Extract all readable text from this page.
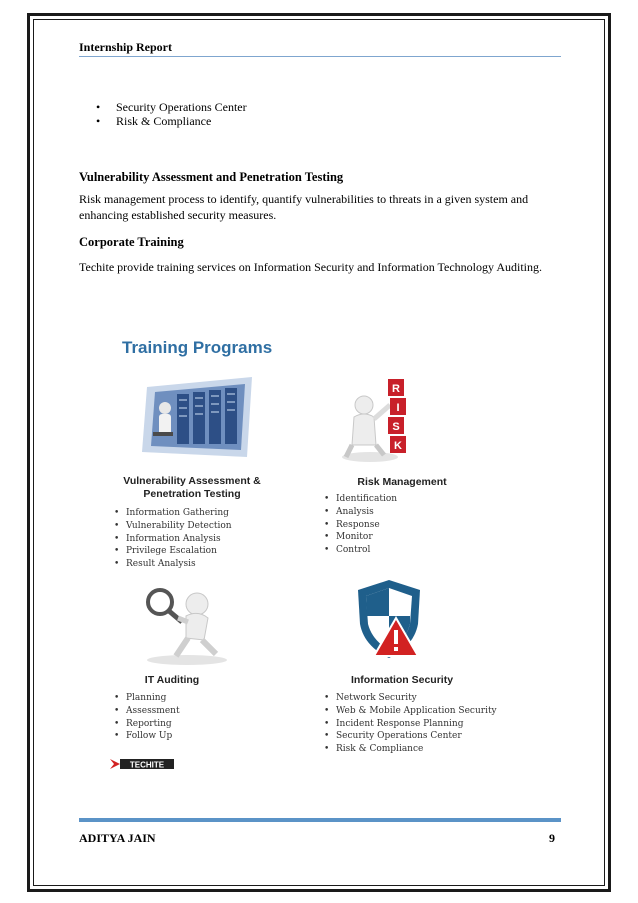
Internship Report
• Security Operations Center
• Risk & Compliance
Vulnerability Assessment and Penetration Testing
Risk management process to identify, quantify vulnerabilities to threats in a given system and enhancing established security measures.
Corporate Training
Techite provide training services on Information Security and Information Technology Auditing.
Training Programs
Vulnerability Assessment &
Penetration Testing
• Information Gathering
• Vulnerability Detection
• Information Analysis
• Privilege Escalation
• Result Analysis
R
I
S
K
Risk Management
• Identification
• Analysis
• Response
• Monitor
• Control
IT Auditing
• Planning
• Assessment
• Reporting
• Follow Up
Information Security
• Network Security
• Web & Mobile Application Security
• Incident Response Planning
• Security Operations Center
• Risk & Compliance
TECHITE
ADITYA JAIN	9
